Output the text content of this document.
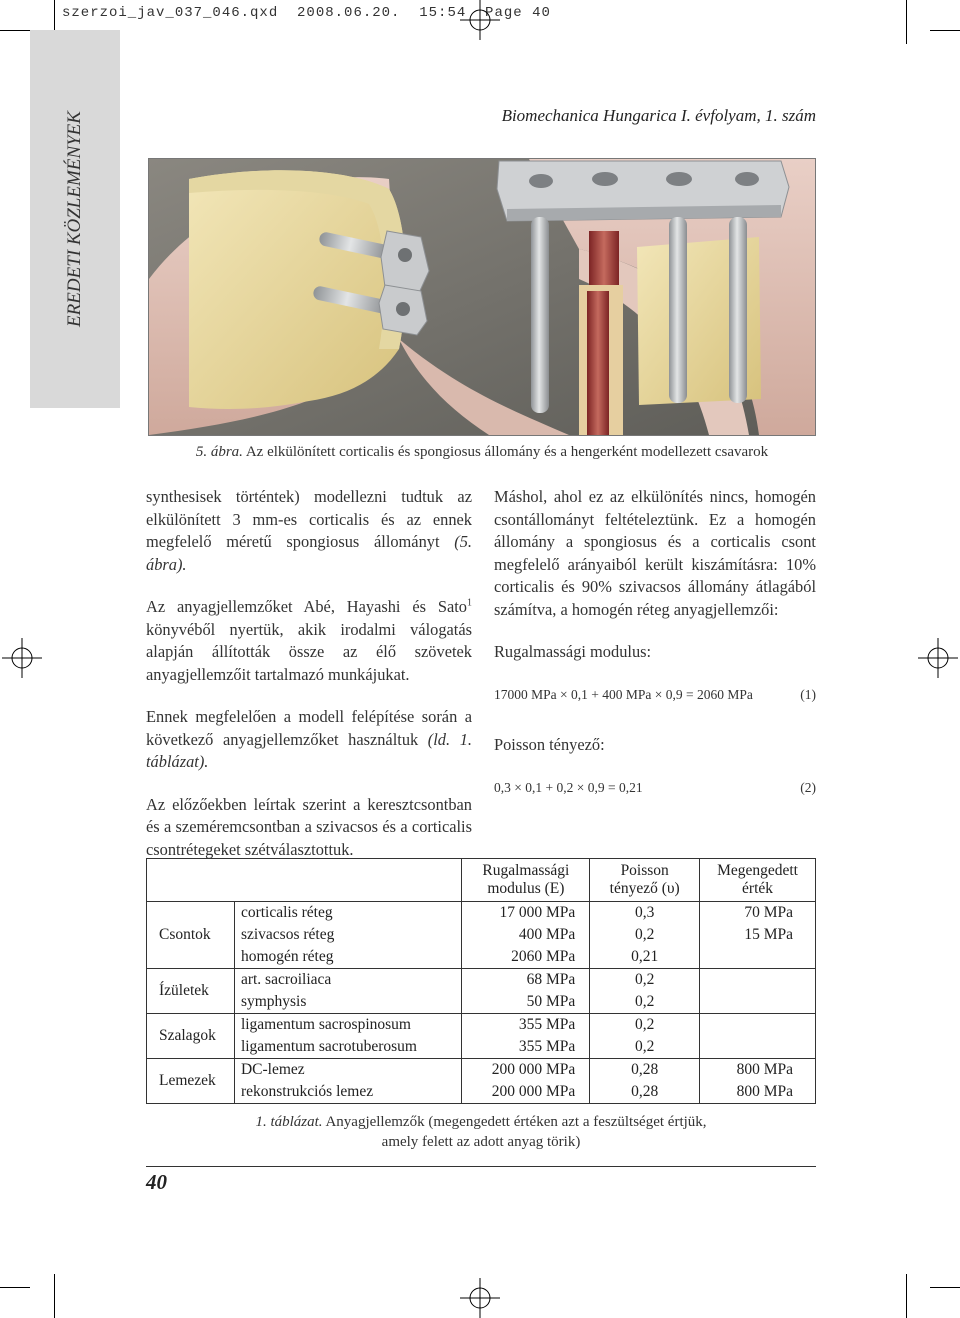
szerzoi_jav_037_046.qxd  2008.06.20.  15:54  Page 40
EREDETI KÖZLEMÉNYEK	Biomechanica Hungarica I. évfolyam, 1. szám
5. ábra. Az elkülönített corticalis és spongiosus állomány és a hengerként modellezett csavarok

synthesisek történtek) modellezni tudtuk az elkülönített 3 mm-es corticalis és az ennek megfelelő méretű spongiosus állományt (5. ábra).

Az anyagjellemzőket Abé, Hayashi és Sato$^1$ könyvéből nyertük, akik irodalmi válogatás alapján állították össze az élő szövetek anyagjellemzőit tartalmazó munkájukat.

Ennek megfelelően a modell felépítése során a következő anyagjellemzőket használtuk (ld. 1. táblázat).

Az előzőekben leírtak szerint a keresztcsontban és a szeméremcsontban a szivacsos és a corticalis csontrétegeket szétválasztottuk.

Máshol, ahol ez az elkülönítés nincs, homogén csontállományt feltételeztünk. Ez a homogén állomány a spongiosus és a corticalis csont megfelelő arányaiból került kiszámításra: 10% corticalis és 90% szivacsos állomány átlagából számítva, a homogén réteg anyagjellemzői:

Rugalmassági modulus:

17000 MPa × 0,1 + 400 MPa × 0,9 = 2060 MPa	(1)

Poisson tényező:

0,3 × 0,1 + 0,2 × 0,9 = 0,21	(2)
		Rugalmassági modulus (E)	Poisson tényező (υ)	Megengedett érték
Csontok	corticalis réteg	17 000 MPa	0,3	70 MPa
	szivacsos réteg	400 MPa	0,2	15 MPa
	homogén réteg	2060 MPa	0,21	
Ízületek	art. sacroiliaca	68 MPa	0,2	
	symphysis	50 MPa	0,2	
Szalagok	ligamentum sacrospinosum	355 MPa	0,2	
	ligamentum sacrotuberosum	355 MPa	0,2	
Lemezek	DC-lemez	200 000 MPa	0,28	800 MPa
	rekonstrukciós lemez	200 000 MPa	0,28	800 MPa
1. táblázat. Anyagjellemzők (megengedett értéken azt a feszültséget értjük,
amely felett az adott anyag törik)
40
